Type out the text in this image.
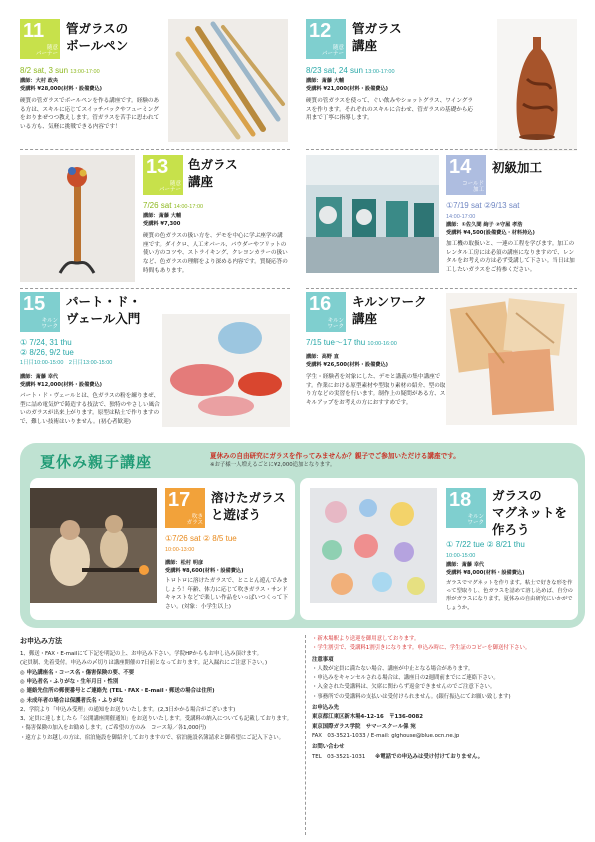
11
随意
パーナー
管ガラスの
ボールペン
8/2 sat, 3 sun 13:00-17:00
講師：大村 政央
受講料 ¥28,000(材料・設備費込)
硬質の管ガラスでボールペンを作る講座です。経験のある方は、スキルに応じてスイッチバックやフューミングをおりまぜつつ教えします。管ガラスを苦手に思われている方も、気軽に挑戦できる内容です！
12
随意
パーナー
管ガラス
講座
8/23 sat, 24 sun 13:00-17:00
講師：斎藤 大輔
受講料 ¥21,000(材料・設備費込)
硬質の管ガラスを使って、ぐい飲みやショットグラス、ワイングラスを作ります。それぞれのスキルに合わせ、管ガラスの基礎から応用まで丁寧に指導します。
13
随意
パーナー
色ガラス
講座
7/26 sat 14:00-17:00
講師：斎藤 大輔
受講料 ¥7,300
硬質の色ガラスの扱い方を、デモを中心に学ぶ座学の講座です。ダイクロ、人工オパール、パウダーやフリットの使い方のコツや、ストライキング、クレヨンカラーの扱いなど、色ガラスの理解をより深める内容です。質疑応答の時間もあります。
14
コールド
加工
初級加工
①7/19 sat ②9/13 sat
14:00-17:00
講師：①佐久間 絢子 ②守屋 孝浩
受講料 ¥4,500(設備費込・材料持込)
加工機の取扱いと、一連の工程を学びます。加工のレンタル工房には必須の講座になりますので、レンタルをお考えの方は必ず受講して下さい。当日は加工したいガラスをご持参ください。
15
キルン
ワーク
パート・ド・
ヴェール入門
① 7/24, 31 thu
② 8/26, 9/2 tue
1日目10:00-15:00　2日目13:00-15:00
講師：斎藤 幸代
受講料 ¥12,000(材料・設備費込)
パート・ド・ヴェールとは、色ガラスの粉を練りまぜ、型に詰め電気炉で鋳造する技法で、独特のやさしい風合いのガラスが出来上がります。原型は粘土で作りますので、難しい技術はいりません。(初心者歓迎)
16
キルン
ワーク
キルンワーク
講座
7/15 tue〜17 thu 10:00-16:00
講師：高野 直
受講料 ¥26,500(材料・設備費込)
学生・経験者を対象にした、デモと講義の集中講座です。作業における原型素材や型取り素材の紹介、型の取り方などの実習を行います。制作上の疑問がある方、スキルアップをお考えの方におすすめです。
夏休み親子講座	夏休みの自由研究にガラスを作ってみませんか？親子でご参加いただける講座です。
※お子様一人増えるごとに¥2,000追加となります。
17
吹き
ガラス
溶けたガラス
と遊ぼう
①7/26 sat ② 8/5 tue
10:00-13:00
講師：松村 明彦
受講料 ¥8,600(材料・設備費込)
トロトロに溶けたガラスで、とことん遊んでみましょう！年齢、体力に応じて吹きガラス・サンドキャストなどで楽しい作品をいっぱいつくって下さい。(対象：小学生以上)
18
キルン
ワーク
ガラスの
マグネットを
作ろう
① 7/22 tue ② 8/21 thu
10:00-15:00
講師：斎藤 幸代
受講料 ¥8,000(材料・設備費込)
ガラスでマグネットを作ります。粘土で好きな形を作って型取りし、色ガラスを詰めて溶し込めば、自分の形がガラスになります。夏休みの自由研究にいかがでしょうか。
お申込み方法
1、郵送・FAX・E-mailにて下記を明記の上、お申込み下さい。学院HPからもお申し込み頂けます。
(定員制、先着受付。申込みの〆切りは講座開催の7日前となっております。記入漏れにご注意下さい。)
◎ 申込講座名・コース名・傷害保険の要、不要
◎ 申込者名・ふりがな・生年月日・性別
◎ 連絡先住所の郵便番号とご連絡先 (TEL・FAX・E-mail・郵送の場合は住所)
◎ 未成年者の場合は保護者氏名・ふりがな
2、学院より「申込み受理」の通知をお送りいたします。(2,3日かかる場合がございます)
3、定員に達しましたら「公開講座開催通知」をお送りいたします。受講料の納入についても記載しております。
・傷害保険の加入をお勧めします。(ご希望の方のみ　コース毎／各1,000円)
・遠方よりお越しの方は、宿泊施設を御紹介しておりますので、宿泊施設名簿請求と御希望にご記入下さい。
・新木場駅より送迎を御用意しております。
・学生割引で、受講料1割引きになります。申込み時に、学生証のコピーを御送付下さい。
注意事項
・人数が定員に満たない場合、講座が中止となる場合があります。
・申込みをキャンセルされる場合は、講座日の2週間前までにご連絡下さい。
・入金された受講料は、欠席に関わらず返金できませんのでご注意下さい。
・事務所での受講料の支払いは受付けられません。(銀行振込にてお願い致します)
お申込み先
東京都江東区新木場4-12-16　〒136-0082
東京国際ガラス学院　サマースクール係 宛
FAX　03-3521-1033 / E-mail: glghouse@blue.ocn.ne.jp
お問い合わせ
TEL　03-3521-1031 ※電話での申込みは受け付けておりません。
